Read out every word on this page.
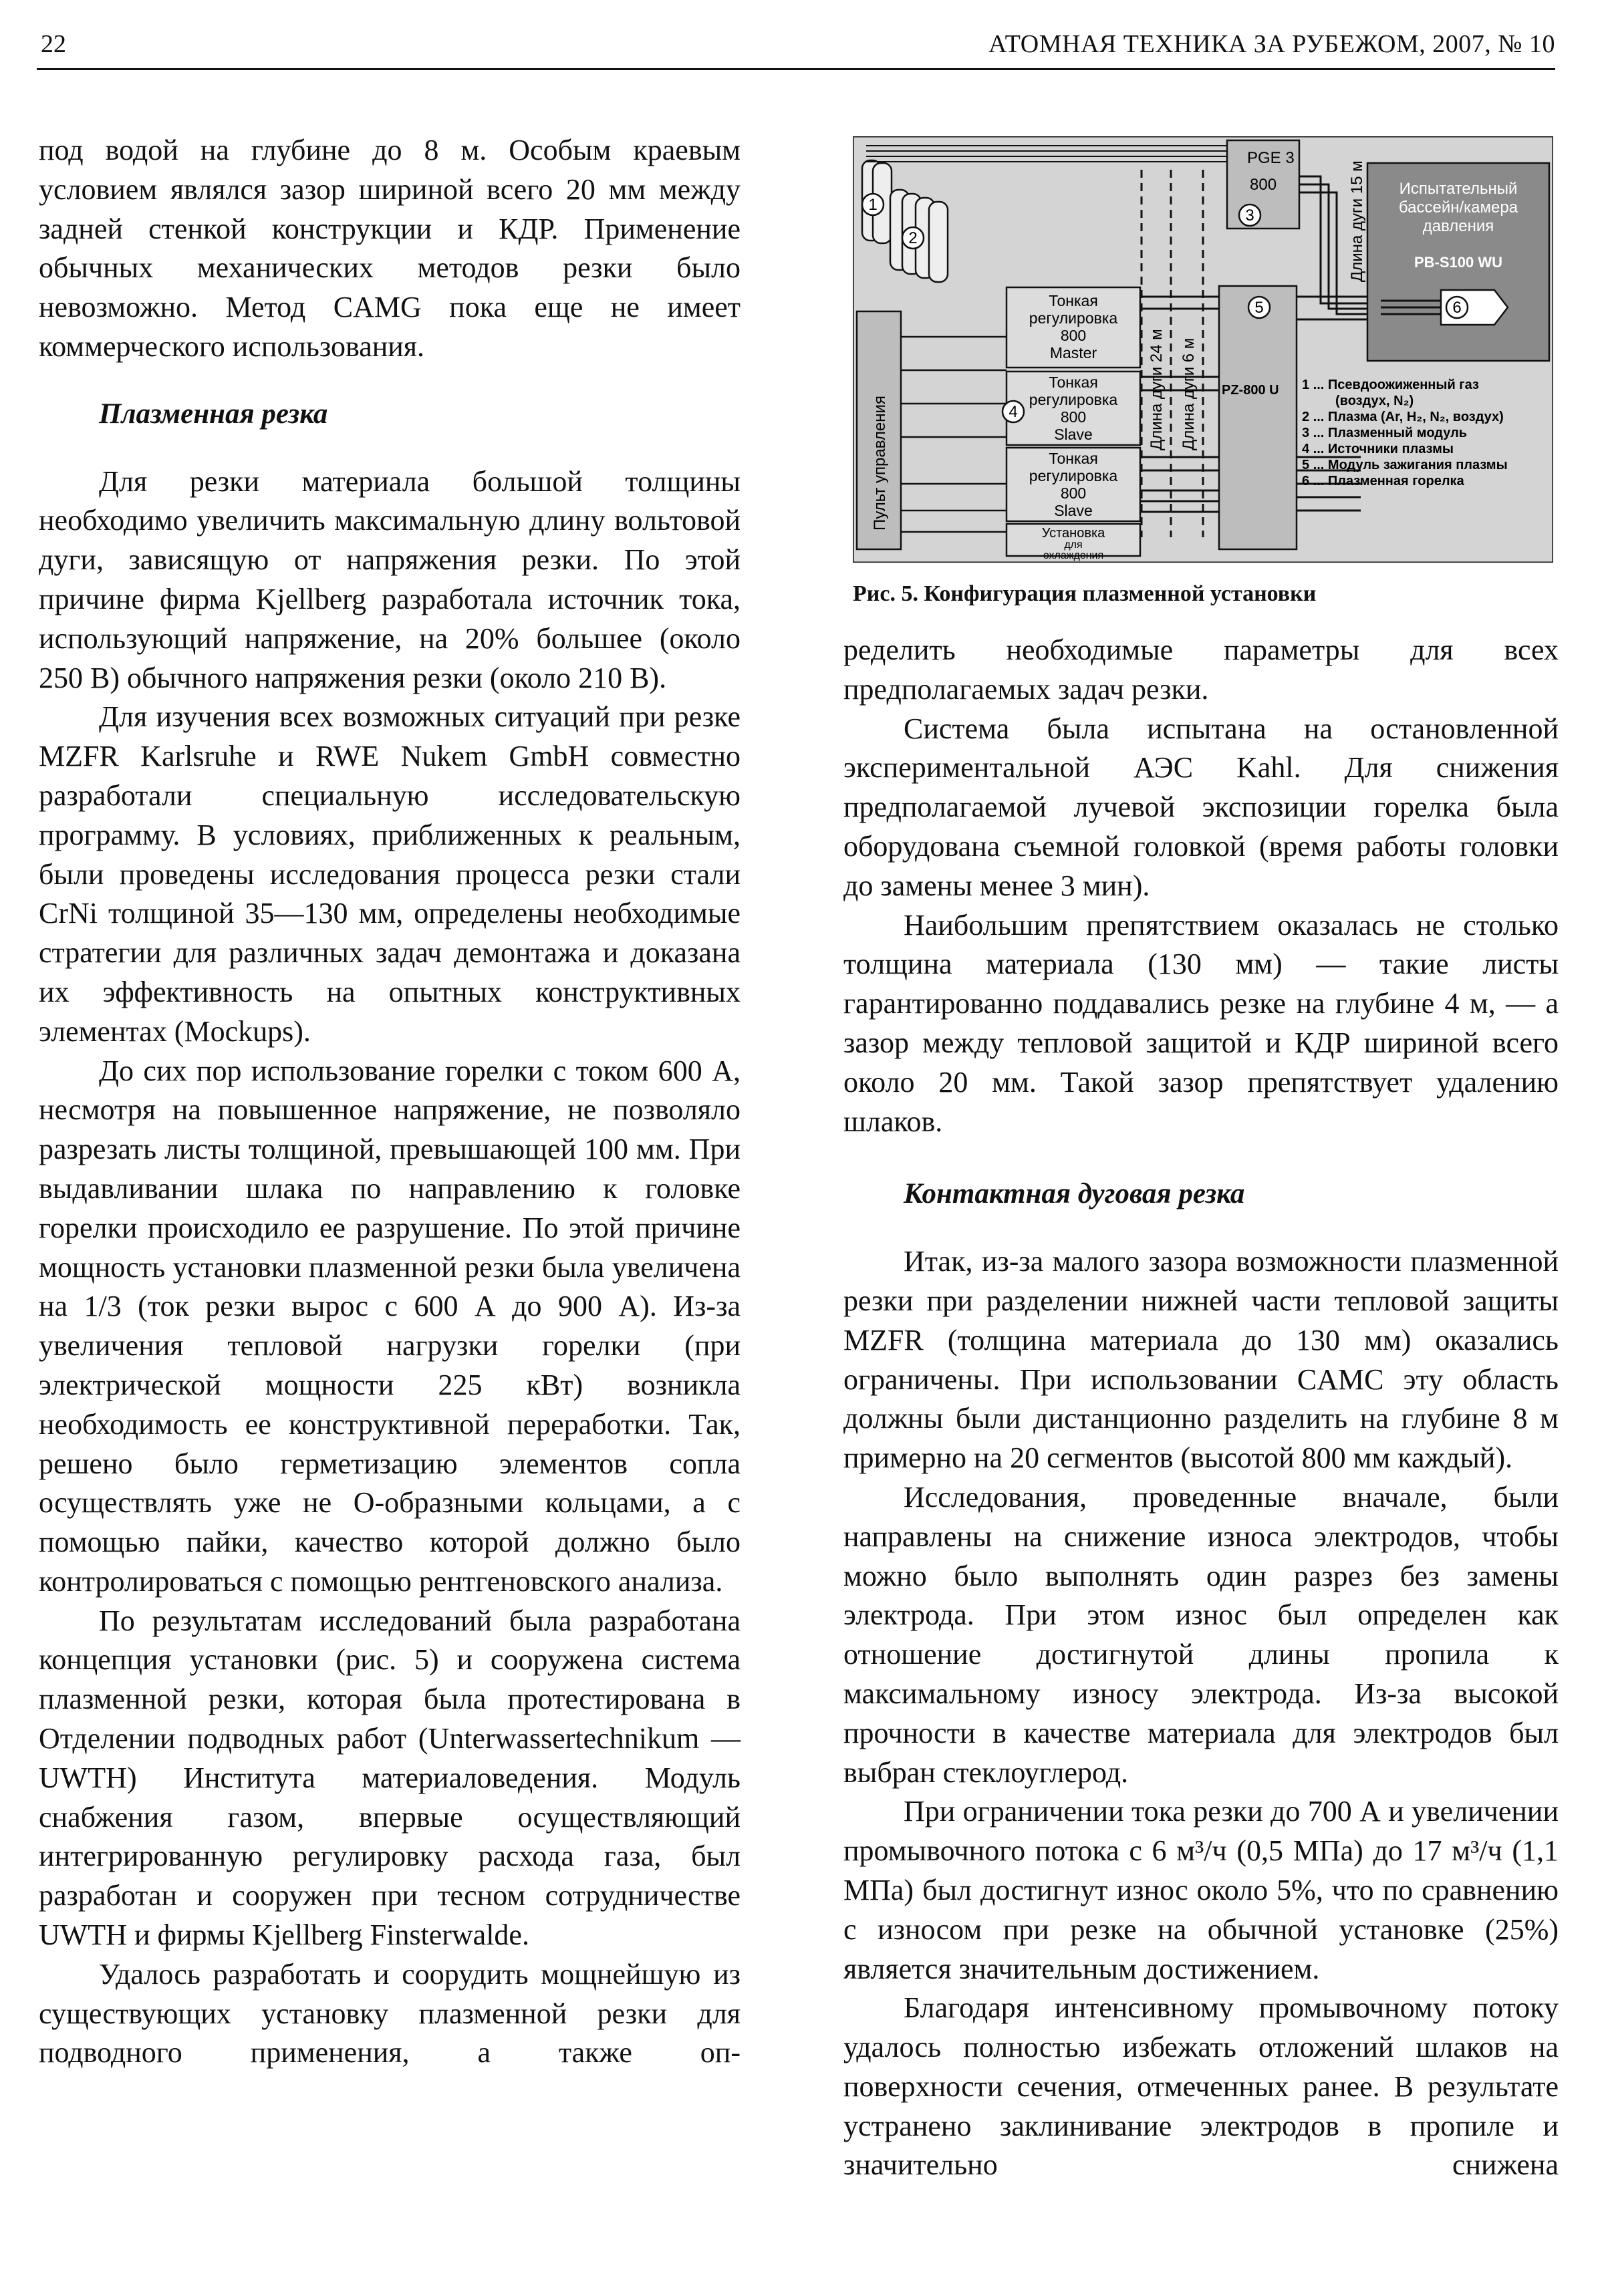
22	АТОМНАЯ ТЕХНИКА ЗА РУБЕЖОМ, 2007, № 10

под водой на глубине до 8 м. Особым краевым условием являлся зазор шириной всего 20 мм между задней стенкой конструкции и КДР. Применение обычных механических методов резки было невозможно. Метод CAMG пока еще не имеет коммерческого использования.

Плазменная резка

Для резки материала большой толщины необходимо увеличить максимальную длину вольтовой дуги, зависящую от напряжения резки. По этой причине фирма Kjellberg разработала источник тока, использующий напряжение, на 20% большее (около 250 В) обычного напряжения резки (около 210 В).

Для изучения всех возможных ситуаций при резке MZFR Karlsruhe и RWE Nukem GmbH совместно разработали специальную исследовательскую программу. В условиях, приближенных к реальным, были проведены исследования процесса резки стали CrNi толщиной 35—130 мм, определены необходимые стратегии для различных задач демонтажа и доказана их эффективность на опытных конструктивных элементах (Mockups).

До сих пор использование горелки с током 600 А, несмотря на повышенное напряжение, не позволяло разрезать листы толщиной, превышающей 100 мм. При выдавливании шлака по направлению к головке горелки происходило ее разрушение. По этой причине мощность установки плазменной резки была увеличена на 1/3 (ток резки вырос с 600 А до 900 А). Из-за увеличения тепловой нагрузки горелки (при электрической мощности 225 кВт) возникла необходимость ее конструктивной переработки. Так, решено было герметизацию элементов сопла осуществлять уже не О-образными кольцами, а с помощью пайки, качество которой должно было контролироваться с помощью рентгеновского анализа.

По результатам исследований была разработана концепция установки (рис. 5) и сооружена система плазменной резки, которая была протестирована в Отделении подводных работ (Unterwassertechnikum — UWTH) Института материаловедения. Модуль снабжения газом, впервые осуществляющий интегрированную регулировку расхода газа, был разработан и сооружен при тесном сотрудничестве UWTH и фирмы Kjellberg Finsterwalde.

Удалось разработать и соорудить мощнейшую из существующих установку плазменной резки для подводного применения, а также оп-

Пульт управления
Тонкая
регулировка
800
Master
Тонкая
регулировка
800
Slave
Тонкая
регулировка
800
Slave
Установка
для
охлаждения
Длина дуги 24 м Длина дуги 6 м
PGE 3
800
PZ-800 U
Длина дуги 15 м Испытательный
бассейн/камера
давления
PB-S100 WU
1
2
3
4
5	6
1 ... Псевдоожиженный газ
(воздух, N₂)
2 ... Плазма (Ar, H₂, N₂, воздух)
3 ... Плазменный модуль
4 ... Источники плазмы
5 ... Модуль зажигания плазмы
6 ... Плазменная горелка
Рис. 5. Конфигурация плазменной установки

ределить необходимые параметры для всех предполагаемых задач резки.

Система была испытана на остановленной экспериментальной АЭС Kahl. Для снижения предполагаемой лучевой экспозиции горелка была оборудована съемной головкой (время работы головки до замены менее 3 мин).

Наибольшим препятствием оказалась не столько толщина материала (130 мм) — такие листы гарантированно поддавались резке на глубине 4 м, — а зазор между тепловой защитой и КДР шириной всего около 20 мм. Такой зазор препятствует удалению шлаков.

Контактная дуговая резка

Итак, из-за малого зазора возможности плазменной резки при разделении нижней части тепловой защиты MZFR (толщина материала до 130 мм) оказались ограничены. При использовании CAMC эту область должны были дистанционно разделить на глубине 8 м примерно на 20 сегментов (высотой 800 мм каждый).

Исследования, проведенные вначале, были направлены на снижение износа электродов, чтобы можно было выполнять один разрез без замены электрода. При этом износ был определен как отношение достигнутой длины пропила к максимальному износу электрода. Из-за высокой прочности в качестве материала для электродов был выбран стеклоуглерод.

При ограничении тока резки до 700 А и увеличении промывочного потока с 6 м³/ч (0,5 МПа) до 17 м³/ч (1,1 МПа) был достигнут износ около 5%, что по сравнению с износом при резке на обычной установке (25%) является значительным достижением.

Благодаря интенсивному промывочному потоку удалось полностью избежать отложений шлаков на поверхности сечения, отмеченных ранее. В результате устранено заклинивание электродов в пропиле и значительно снижена
